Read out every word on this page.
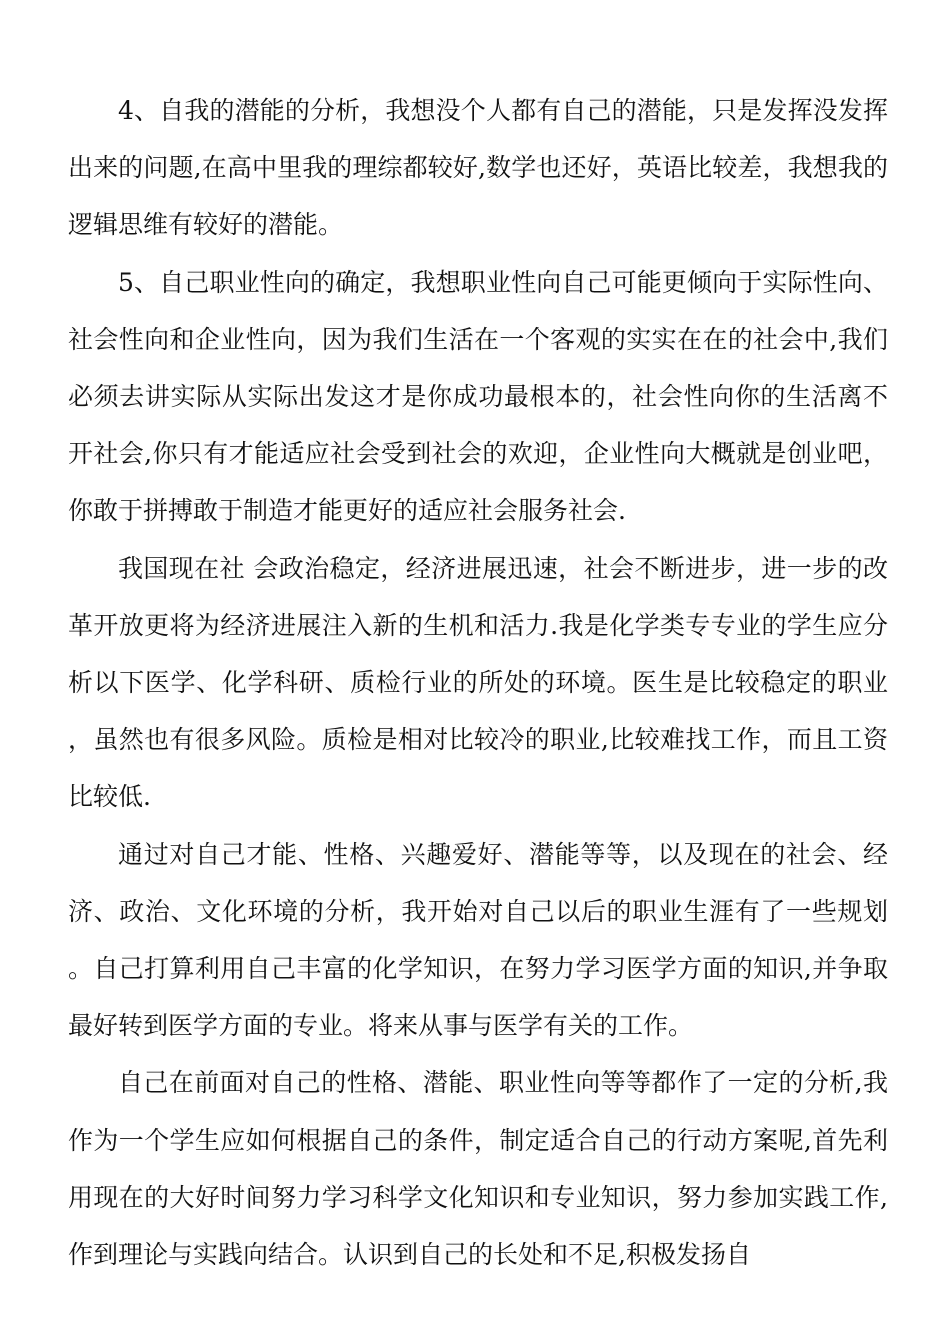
4、自我的潜能的分析，我想没个人都有自己的潜能，只是发挥没发挥出来的问题,在高中里我的理综都较好,数学也还好，英语比较差，我想我的逻辑思维有较好的潜能。

5、自己职业性向的确定，我想职业性向自己可能更倾向于实际性向、社会性向和企业性向，因为我们生活在一个客观的实实在在的社会中,我们必须去讲实际从实际出发这才是你成功最根本的，社会性向你的生活离不开社会,你只有才能适应社会受到社会的欢迎，企业性向大概就是创业吧，你敢于拼搏敢于制造才能更好的适应社会服务社会.

我国现在社 会政治稳定，经济进展迅速，社会不断进步，进一步的改革开放更将为经济进展注入新的生机和活力.我是化学类专专业的学生应分析以下医学、化学科研、质检行业的所处的环境。医生是比较稳定的职业，虽然也有很多风险。质检是相对比较冷的职业,比较难找工作，而且工资比较低.

通过对自己才能、性格、兴趣爱好、潜能等等，以及现在的社会、经济、政治、文化环境的分析，我开始对自己以后的职业生涯有了一些规划。自己打算利用自己丰富的化学知识，在努力学习医学方面的知识,并争取最好转到医学方面的专业。将来从事与医学有关的工作。

自己在前面对自己的性格、潜能、职业性向等等都作了一定的分析,我作为一个学生应如何根据自己的条件，制定适合自己的行动方案呢,首先利用现在的大好时间努力学习科学文化知识和专业知识，努力参加实践工作,作到理论与实践向结合。认识到自己的长处和不足,积极发扬自
